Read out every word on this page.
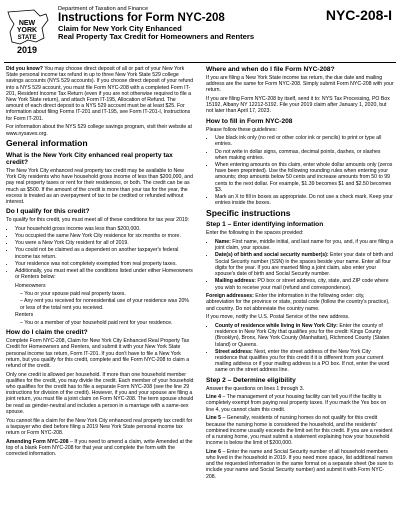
NEW
YORK
STATE
2019
Department of Taxation and Finance
Instructions for Form NYC-208
Claim for New York City Enhanced
Real Property Tax Credit for Homeowners and Renters
NYC-208-I

Did you know? You may choose direct deposit of all or part of your New York State personal income tax refund in up to three New York State 529 college savings accounts (NYS 529 accounts). If you choose direct deposit of your refund into a NYS 529 account, you must file Form NYC-208 with a completed Form IT-201, Resident Income Tax Return (even if you are not otherwise required to file a New York State return), and attach Form IT-195, Allocation of Refund. The amount of each direct deposit to a NYS 529 account must be at least $25. For information about filing Forms IT-201 and IT-195, see Form IT-201-I, Instructions for Form IT-201.

For information about the NYS 529 college savings program, visit their website at www.nysaves.org.

General information
What is the New York City enhanced real property tax credit?

The New York City enhanced real property tax credit may be available to New York City residents who have household gross income of less than $200,000, and pay real property taxes or rent for their residences, or both. The credit can be as much as $500. If the amount of the credit is more than your tax for the year, the excess is treated as an overpayment of tax to be credited or refunded without interest.

Do I qualify for this credit?

To qualify for this credit, you must meet all of these conditions for tax year 2019:

• Your household gross income was less than $200,000.
• You occupied the same New York City residence for six months or more.
• You were a New York City resident for all of 2019.
• You could not be claimed as a dependent on another taxpayer's federal income tax return.
• Your residence was not completely exempted from real property taxes.
• Additionally, you must meet all the conditions listed under either Homeowners or Renters below:
Homeowners
– You or your spouse paid real property taxes.
– Any rent you received for nonresidential use of your residence was 20% or less of the total rent you received.
Renters
– You or a member of your household paid rent for your residence.
How do I claim the credit?

Complete Form NYC-208, Claim for New York City Enhanced Real Property Tax Credit for Homeowners and Renters, and submit it with your New York State personal income tax return, Form IT-201. If you don't have to file a New York return, but you qualify for this credit, complete and file Form NYC-208 to claim a refund of the credit.

Only one credit is allowed per household. If more than one household member qualifies for the credit, you may divide the credit. Each member of your household who qualifies for the credit has to file a separate Form NYC-208 (see the line 29 instructions for division of the credit). However, if you and your spouse are filing a joint return, you must file a joint claim on Form NYC-208. The term spouse should be read as gender-neutral and includes a person in a marriage with a same-sex spouse.

You cannot file a claim for the New York City enhanced real property tax credit for a taxpayer who died before filing a 2019 New York State personal income tax return or Form NYC-208.

Amending Form NYC-208 – If you need to amend a claim, write Amended at the top of a blank Form NYC-208 for that year and complete the form with the corrected information.

Where and when do I file Form NYC-208?

If you are filing a New York State income tax return, the due date and mailing address are the same for Form NYC-208. Simply submit Form NYC-208 with your return.

If you are filing Form NYC-208 by itself, send it to: NYS Tax Processing, PO Box 15192, Albany NY 12212-5192. File your 2019 claim after January 1, 2020, but not later than April 17, 2023.

How to fill in Form NYC-208

Please follow these guidelines:

• Use black ink only (no red or other color ink or pencils) to print or type all entries.
• Do not write in dollar signs, commas, decimal points, dashes, or slashes when making entries.
• When entering amounts on this claim, enter whole dollar amounts only (zeros have been preprinted). Use the following rounding rules when entering your amounts; drop amounts below 50 cents and increase amounts from 50 to 99 cents to the next dollar. For example, $1.39 becomes $1 and $2.50 becomes $3.
• Mark an X to fill in boxes as appropriate. Do not use a check mark. Keep your entries inside the boxes.
Specific instructions
Step 1 – Enter identifying information

Enter the following in the spaces provided:

• Name: First name, middle initial, and last name for you, and, if you are filing a joint claim, your spouse.
• Date(s) of birth and social security number(s): Enter your date of birth and Social Security number (SSN) in the spaces beside your name. Enter all four digits for the year. If you are married filing a joint claim, also enter your spouse's date of birth and Social Security number.
• Mailing address: PO box or street address, city, state, and ZIP code where you wish to receive your mail (refund and correspondence).

Foreign addresses: Enter the information in the following order: city, abbreviation for the province or state, postal code (follow the country's practice), and country. Do not abbreviate the country name.

If you move, notify the U.S. Postal Service of the new address.

• County of residence while living in New York City: Enter the county of residence in New York City that qualifies you for the credit: Kings County (Brooklyn), Bronx, New York County (Manhattan), Richmond County (Staten Island) or Queens.
• Street address: Next, enter the street address of the New York City residence that qualifies you for this credit if it is different from your current mailing address or if your mailing address is a PO box. If not, enter the word same on the street address line.
Step 2 – Determine eligibility

Answer the questions on lines 1 through 3.

Line 4 – The management of your housing facility can tell you if the facility is completely exempt from paying real property taxes. If you mark the Yes box on line 4, you cannot claim this credit.

Line 5 – Generally, residents of nursing homes do not qualify for this credit because the nursing home is considered the household, and the residents' combined income usually exceeds the limit set for this credit. If you are a resident of a nursing home, you must submit a statement explaining how your household income is below the limit of $200,000.

Line 6 – Enter the name and Social Security number of all household members who lived in the household in 2019. If you need more space, list additional names and the requested information in the same format on a separate sheet (be sure to include your name and Social Security number) and submit it with Form NYC-208.
